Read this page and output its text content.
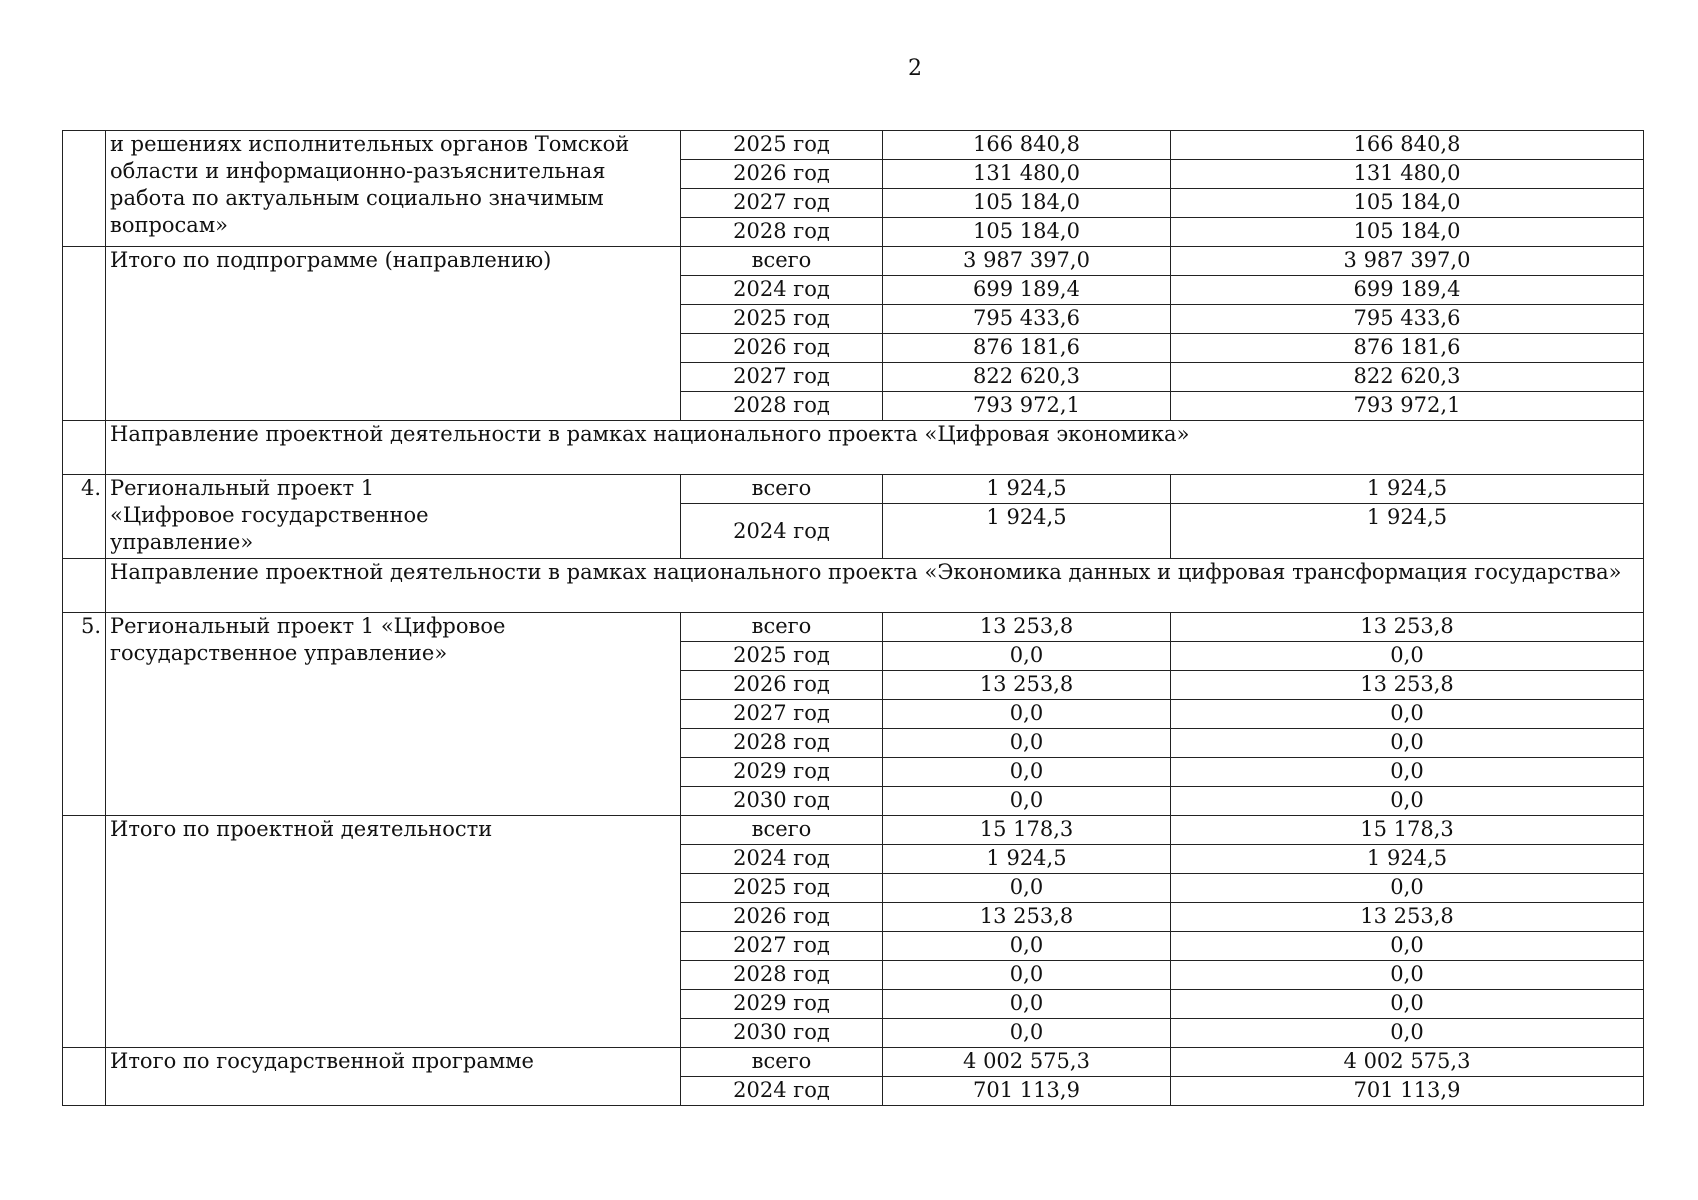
2
	и решениях исполнительных органов Томской области и информационно-разъяснительная работа по актуальным социально значимым вопросам»	2025 год	166 840,8	166 840,8
		2026 год	131 480,0	131 480,0
		2027 год	105 184,0	105 184,0
		2028 год	105 184,0	105 184,0
	Итого по подпрограмме (направлению)	всего	3 987 397,0	3 987 397,0
		2024 год	699 189,4	699 189,4
		2025 год	795 433,6	795 433,6
		2026 год	876 181,6	876 181,6
		2027 год	822 620,3	822 620,3
		2028 год	793 972,1	793 972,1
	Направление проектной деятельности в рамках национального проекта «Цифровая экономика»			
4.	Региональный проект 1 «Цифровое государственное управление»	всего	1 924,5	1 924,5
		2024 год	1 924,5	1 924,5
	Направление проектной деятельности в рамках национального проекта «Экономика данных и цифровая трансформация государства»			
5.	Региональный проект 1 «Цифровое государственное управление»	всего	13 253,8	13 253,8
		2025 год	0,0	0,0
		2026 год	13 253,8	13 253,8
		2027 год	0,0	0,0
		2028 год	0,0	0,0
		2029 год	0,0	0,0
		2030 год	0,0	0,0
	Итого по проектной деятельности	всего	15 178,3	15 178,3
		2024 год	1 924,5	1 924,5
		2025 год	0,0	0,0
		2026 год	13 253,8	13 253,8
		2027 год	0,0	0,0
		2028 год	0,0	0,0
		2029 год	0,0	0,0
		2030 год	0,0	0,0
	Итого по государственной программе	всего	4 002 575,3	4 002 575,3
		2024 год	701 113,9	701 113,9
